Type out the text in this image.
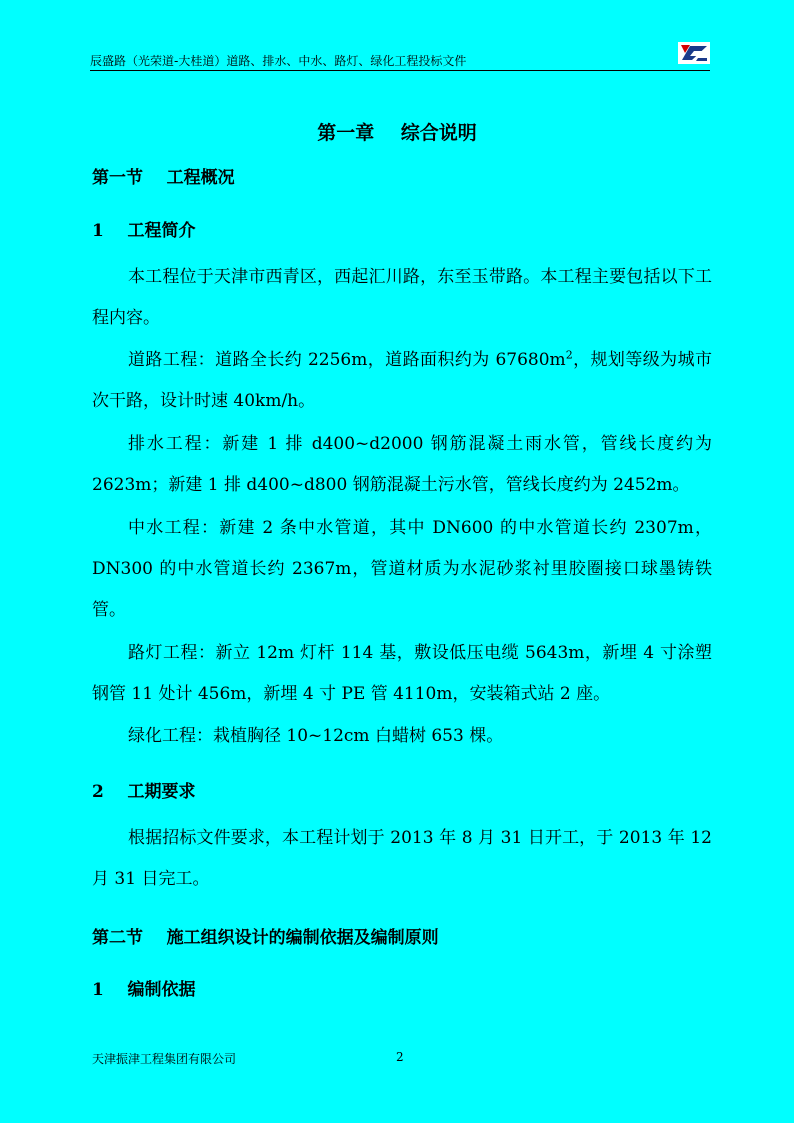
辰盛路（光荣道-大桂道）道路、排水、中水、路灯、绿化工程投标文件
第一章    综合说明
第一节    工程概况
1    工程简介

本工程位于天津市西青区，西起汇川路，东至玉带路。本工程主要包括以下工程内容。

道路工程：道路全长约 2256m，道路面积约为 $67680m^2$，规划等级为城市次干路，设计时速 40km/h。

排水工程：新建 1 排 d400~d2000 钢筋混凝土雨水管，管线长度约为 2623m；新建 1 排 d400~d800 钢筋混凝土污水管，管线长度约为 2452m。

中水工程：新建 2 条中水管道，其中 DN600 的中水管道长约 2307m，DN300 的中水管道长约 2367m，管道材质为水泥砂浆衬里胶圈接口球墨铸铁管。

路灯工程：新立 12m 灯杆 114 基，敷设低压电缆 5643m，新埋 4 寸涂塑钢管 11 处计 456m，新埋 4 寸 PE 管 4110m，安装箱式站 2 座。

绿化工程：栽植胸径 10~12cm 白蜡树 653 棵。

2    工期要求

根据招标文件要求，本工程计划于 2013 年 8 月 31 日开工，于 2013 年 12 月 31 日完工。

第二节    施工组织设计的编制依据及编制原则
1    编制依据
天津振津工程集团有限公司	2
